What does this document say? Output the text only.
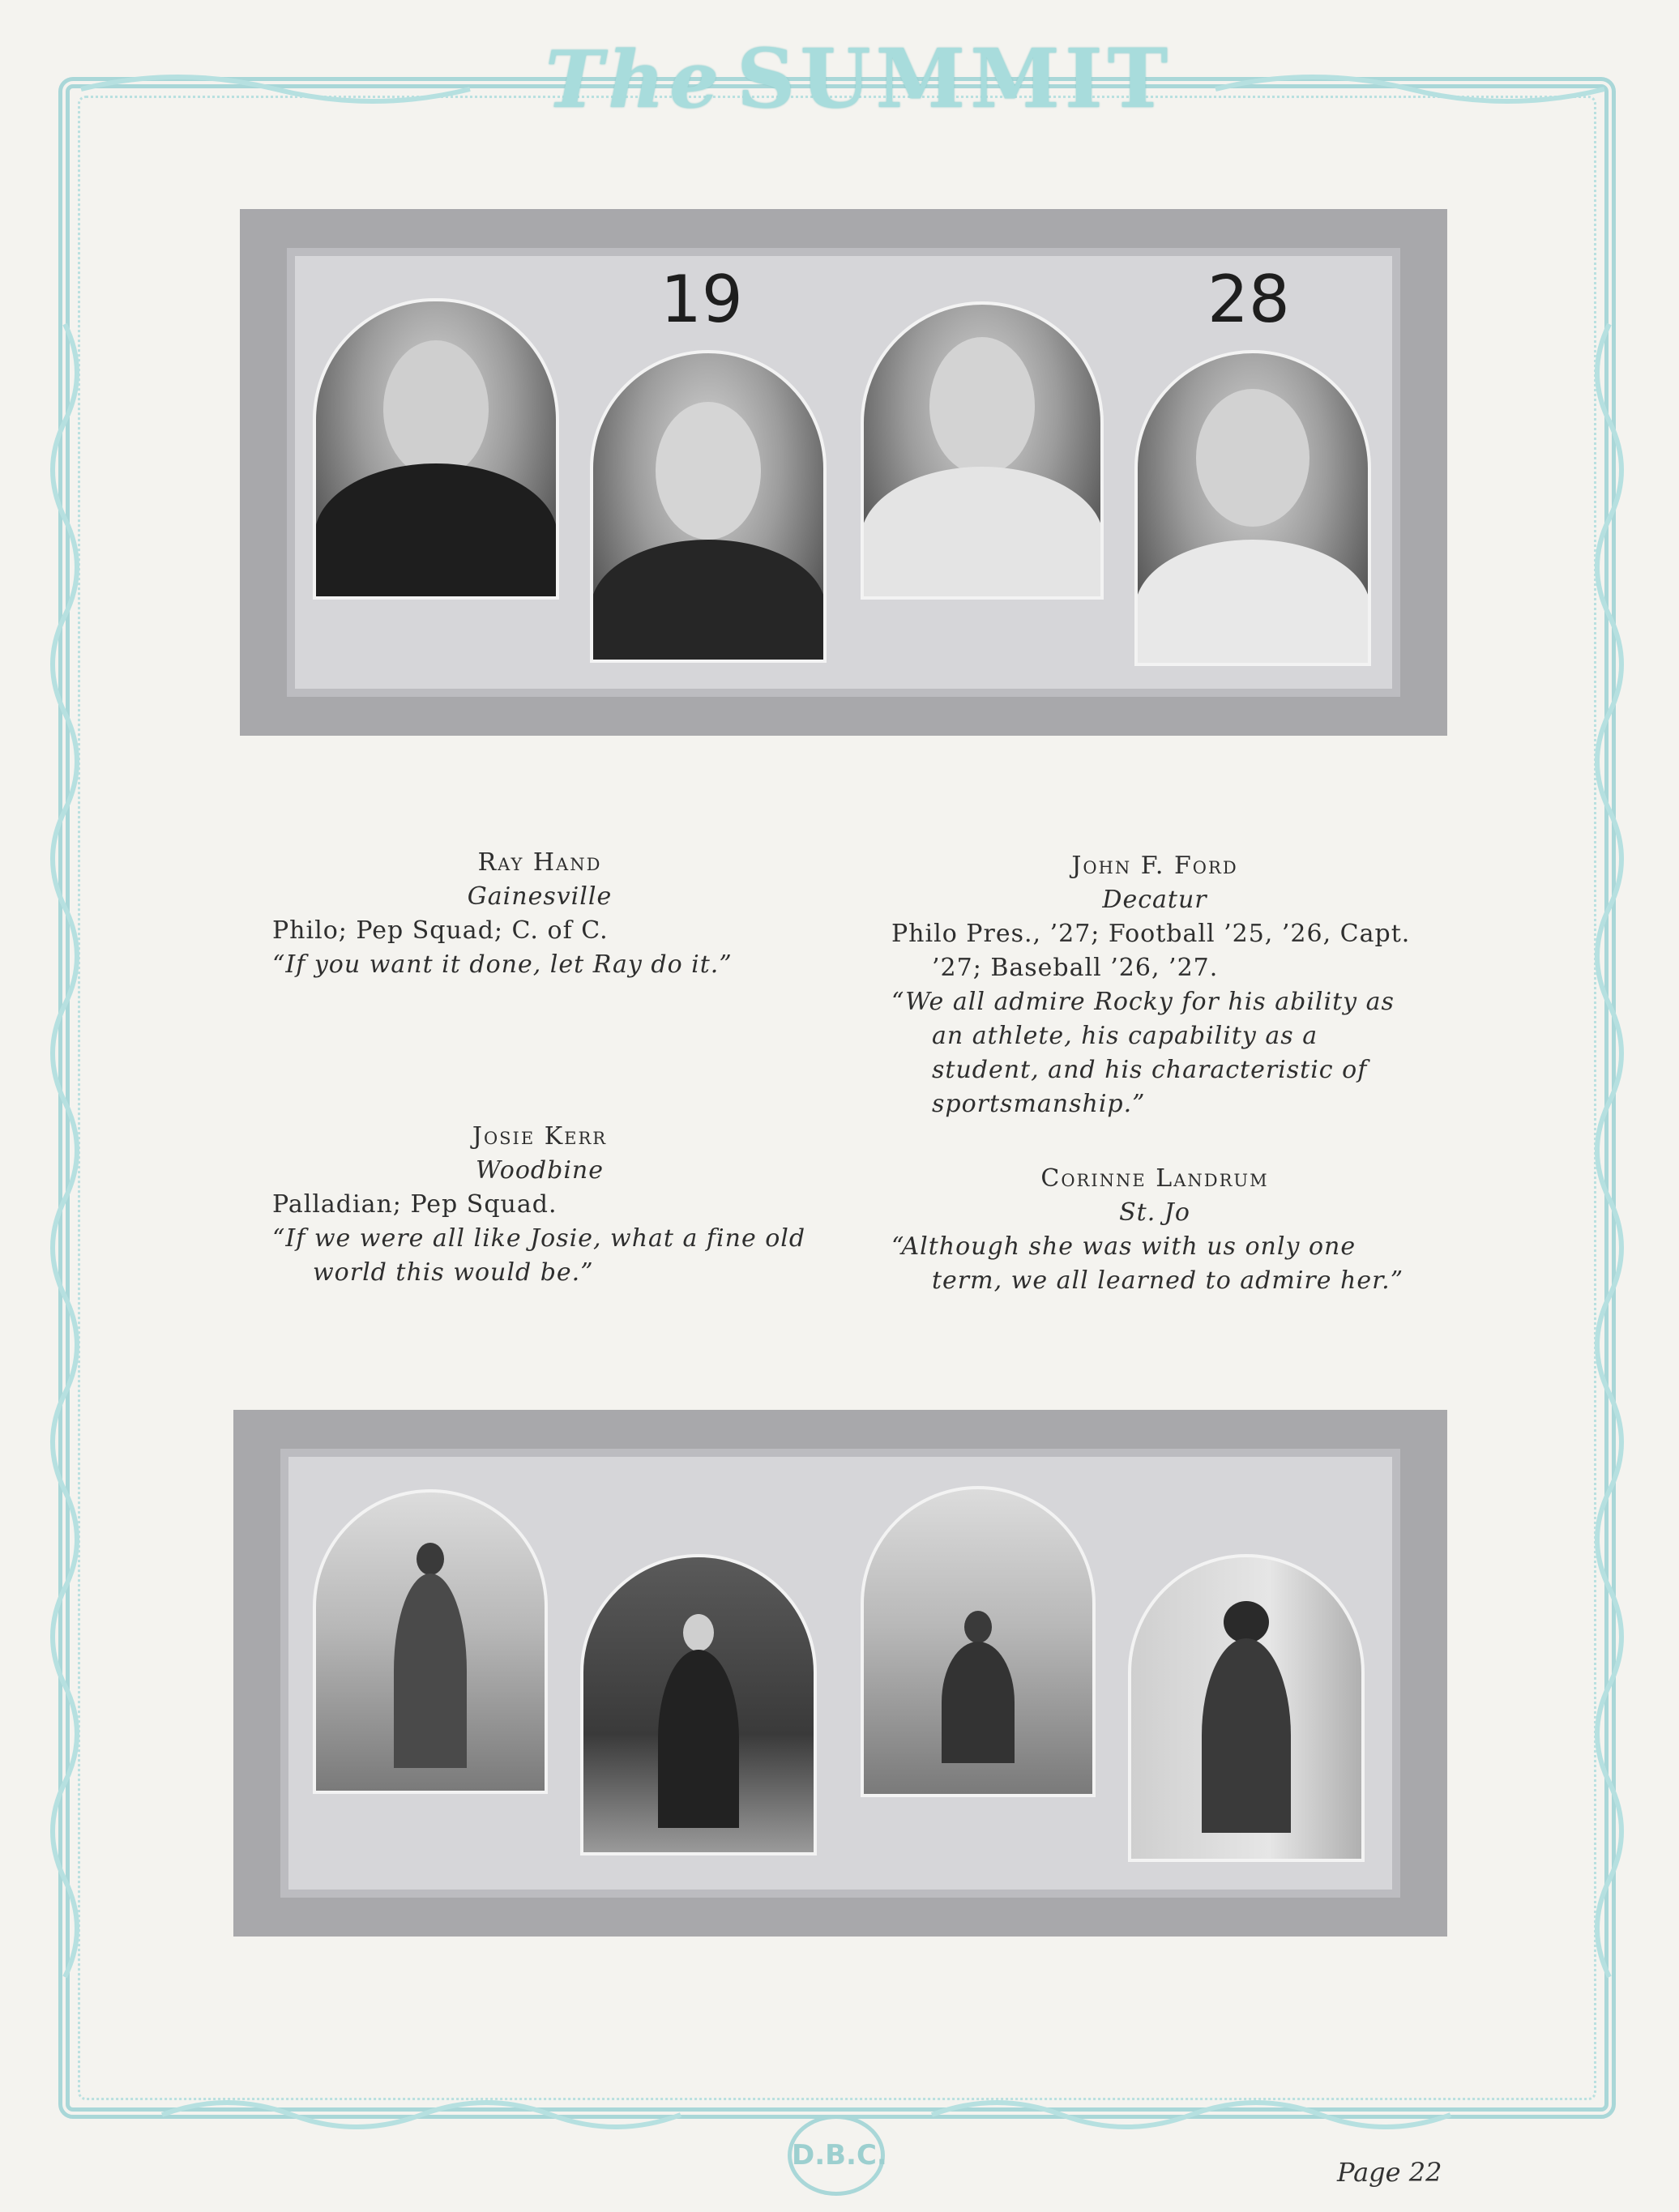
The SUMMIT
19	28
Ray Hand
Gainesville
Philo; Pep Squad; C. of C.
“If you want it done, let Ray do it.”
Josie Kerr
Woodbine
Palladian; Pep Squad.
“If we were all like Josie, what a fine old world this would be.”
John F. Ford
Decatur
Philo Pres., ’27; Football ’25, ’26, Capt. ’27; Baseball ’26, ’27.
“We all admire Rocky for his ability as an athlete, his capability as a student, and his characteristic of sportsmanship.”
Corinne Landrum
St. Jo
“Although she was with us only one term, we all learned to admire her.”
D.B.C.
Page 22
